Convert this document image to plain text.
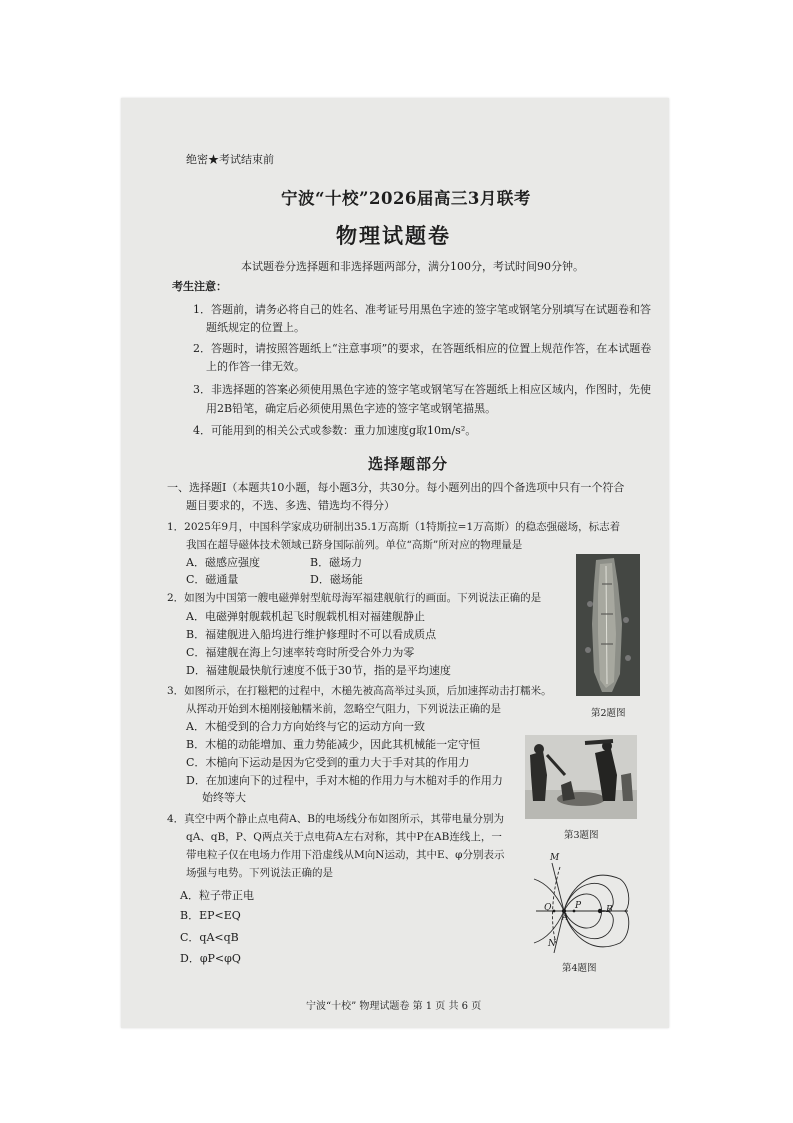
绝密★考试结束前
宁波“十校”2026届高三3月联考
物理试题卷
本试题卷分选择题和非选择题两部分，满分100分，考试时间90分钟。
考生注意：
1．答题前，请务必将自己的姓名、准考证号用黑色字迹的签字笔或钢笔分别填写在试题卷和答
题纸规定的位置上。
2．答题时，请按照答题纸上“注意事项”的要求，在答题纸相应的位置上规范作答，在本试题卷
上的作答一律无效。
3．非选择题的答案必须使用黑色字迹的签字笔或钢笔写在答题纸上相应区域内，作图时，先使
用2B铅笔，确定后必须使用黑色字迹的签字笔或钢笔描黑。
4．可能用到的相关公式或参数：重力加速度g取10m/s²。
选择题部分
一、选择题Ⅰ（本题共10小题，每小题3分，共30分。每小题列出的四个备选项中只有一个符合
题目要求的，不选、多选、错选均不得分）
1．2025年9月，中国科学家成功研制出35.1万高斯（1特斯拉=1万高斯）的稳态强磁场，标志着
我国在超导磁体技术领域已跻身国际前列。单位“高斯”所对应的物理量是
A．磁感应强度	B．磁场力
C．磁通量	D．磁场能
2．如图为中国第一艘电磁弹射型航母海军福建舰航行的画面。下列说法正确的是
A．电磁弹射舰载机起飞时舰载机相对福建舰静止
B．福建舰进入船坞进行维护修理时不可以看成质点
C．福建舰在海上匀速率转弯时所受合外力为零
D．福建舰最快航行速度不低于30节，指的是平均速度
第2题图
3．如图所示，在打糍粑的过程中，木槌先被高高举过头顶，后加速挥动击打糯米。
从挥动开始到木槌刚接触糯米前，忽略空气阻力，下列说法正确的是
A．木槌受到的合力方向始终与它的运动方向一致
B．木槌的动能增加、重力势能减少，因此其机械能一定守恒
C．木槌向下运动是因为它受到的重力大于手对其的作用力
D．在加速向下的过程中，手对木槌的作用力与木槌对手的作用力
始终等大
第3题图
4．真空中两个静止点电荷A、B的电场线分布如图所示，其带电量分别为
qA、qB，P、Q两点关于点电荷A左右对称，其中P在AB连线上，一
带电粒子仅在电场力作用下沿虚线从M向N运动，其中E、φ分别表示
场强与电势。下列说法正确的是
A．粒子带正电
B．EP<EQ
C．qA<qB
D．φP<φQ
M
N
Q
A
P	B
第4题图
宁波“十校” 物理试题卷 第 1 页 共 6 页
